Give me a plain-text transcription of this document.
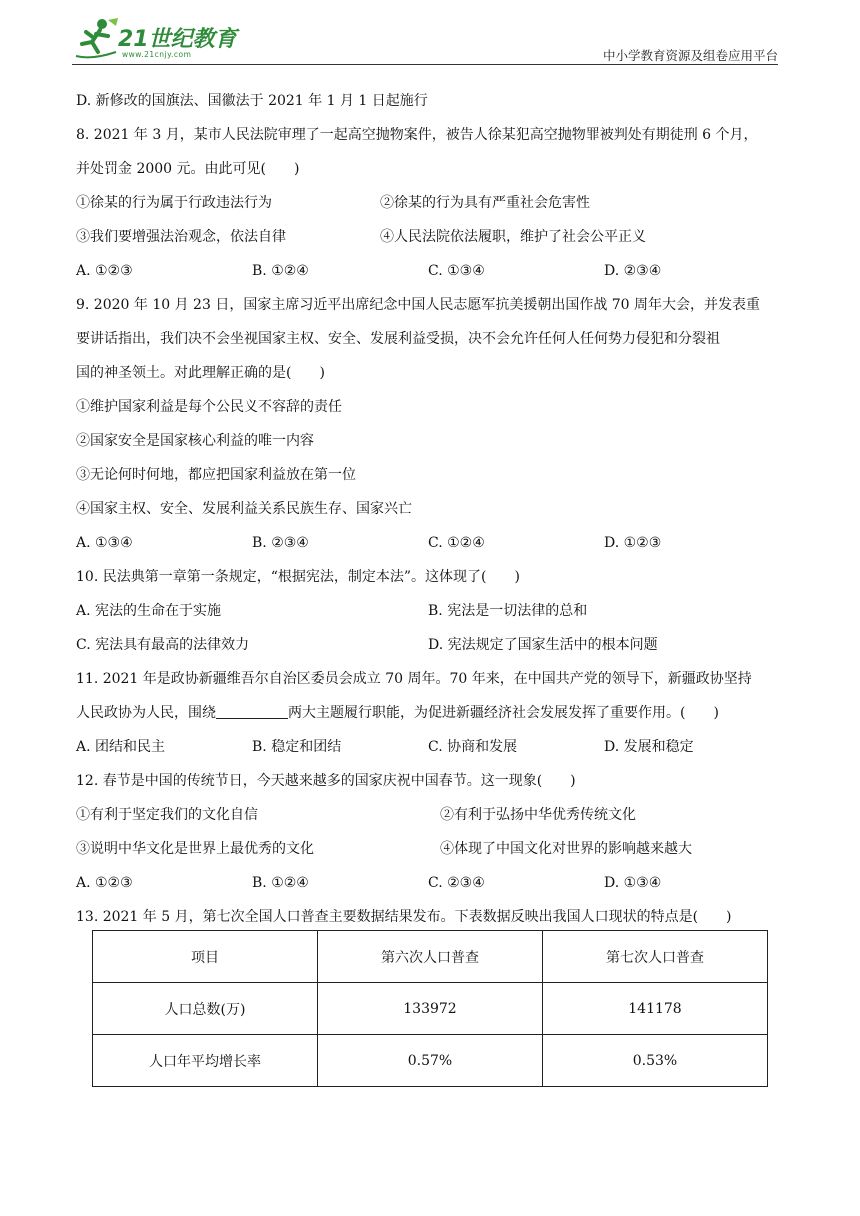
21世纪教育
www.21cnjy.com	中小学教育资源及组卷应用平台
D. 新修改的国旗法、国徽法于 2021 年 1 月 1 日起施行
8. 2021 年 3 月，某市人民法院审理了一起高空抛物案件，被告人徐某犯高空抛物罪被判处有期徒刑 6 个月，
并处罚金 2000 元。由此可见(　　)
①徐某的行为属于行政违法行为	②徐某的行为具有严重社会危害性
③我们要增强法治观念，依法自律	④人民法院依法履职，维护了社会公平正义
A. ①②③	B. ①②④	C. ①③④	D. ②③④
9. 2020 年 10 月 23 日，国家主席习近平出席纪念中国人民志愿军抗美援朝出国作战 70 周年大会，并发表重
要讲话指出，我们决不会坐视国家主权、安全、发展利益受损，决不会允许任何人任何势力侵犯和分裂祖
国的神圣领土。对此理解正确的是(　　)
①维护国家利益是每个公民义不容辞的责任
②国家安全是国家核心利益的唯一内容
③无论何时何地，都应把国家利益放在第一位
④国家主权、安全、发展利益关系民族生存、国家兴亡
A. ①③④	B. ②③④	C. ①②④	D. ①②③
10. 民法典第一章第一条规定，“根据宪法，制定本法”。这体现了(　　)
A. 宪法的生命在于实施	B. 宪法是一切法律的总和
C. 宪法具有最高的法律效力	D. 宪法规定了国家生活中的根本问题
11. 2021 年是政协新疆维吾尔自治区委员会成立 70 周年。70 年来，在中国共产党的领导下，新疆政协坚持
人民政协为人民，围绕	两大主题履行职能，为促进新疆经济社会发展发挥了重要作用。(　　)
A. 团结和民主	B. 稳定和团结	C. 协商和发展	D. 发展和稳定
12. 春节是中国的传统节日，今天越来越多的国家庆祝中国春节。这一现象(　　)
①有利于坚定我们的文化自信	②有利于弘扬中华优秀传统文化
③说明中华文化是世界上最优秀的文化	④体现了中国文化对世界的影响越来越大
A. ①②③	B. ①②④	C. ②③④	D. ①③④
13. 2021 年 5 月，第七次全国人口普查主要数据结果发布。下表数据反映出我国人口现状的特点是(　　)
项目	第六次人口普查	第七次人口普查
人口总数(万)	133972	141178
人口年平均增长率	0.57%	0.53%
